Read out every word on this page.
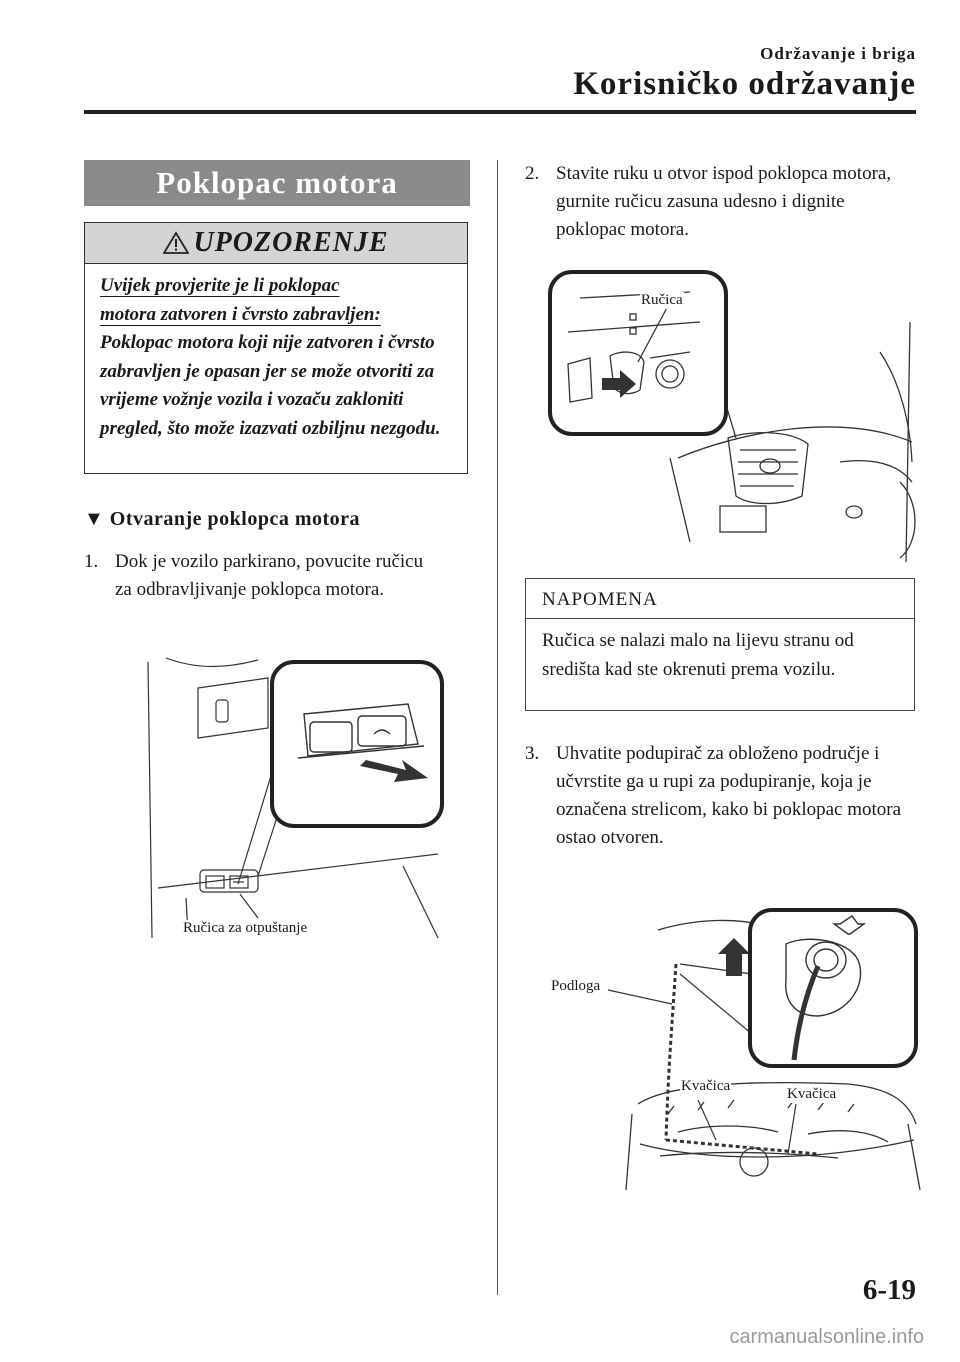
Održavanje i briga
Korisničko održavanje
Poklopac motora
UPOZORENJE
Uvijek provjerite je li poklopac
motora zatvoren i čvrsto zabravljen:
Poklopac motora koji nije zatvoren i čvrsto zabravljen je opasan jer se može otvoriti za vrijeme vožnje vozila i vozaču zakloniti pregled, što može izazvati ozbiljnu nezgodu.
▼ Otvaranje poklopca motora
1. Dok je vozilo parkirano, povucite ručicu za odbravljivanje poklopca motora.
Ručica za otpuštanje
2. Stavite ruku u otvor ispod poklopca motora, gurnite ručicu zasuna udesno i dignite poklopac motora.
Ručica
NAPOMENA
Ručica se nalazi malo na lijevu stranu od središta kad ste okrenuti prema vozilu.
3. Uhvatite podupirač za obloženo područje i učvrstite ga u rupi za podupiranje, koja je označena strelicom, kako bi poklopac motora ostao otvoren.
Podloga
Kvačica	Kvačica
6-19
carmanualsonline.info
